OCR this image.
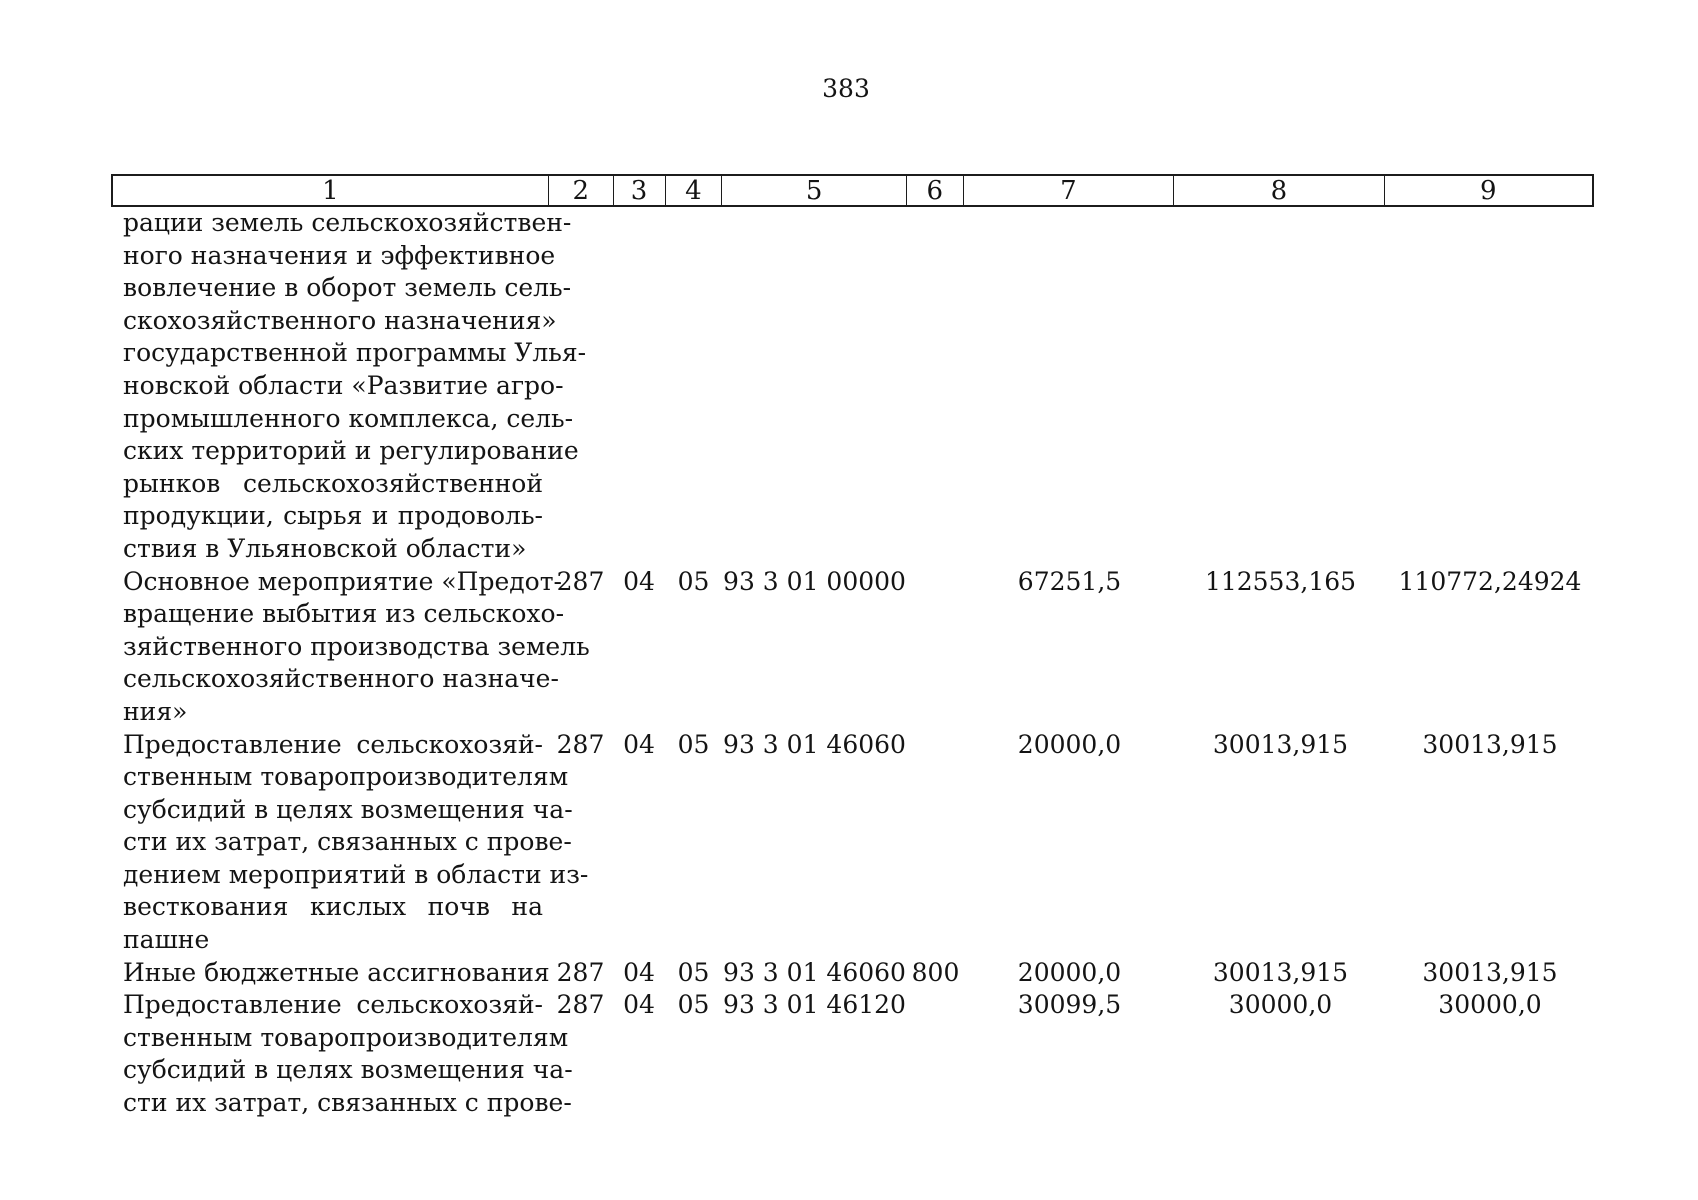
383
1	2	3	4	5	6	7	8	9
рации земель сельскохозяйствен-
ного назначения и эффективное
вовлечение в оборот земель сель-
скохозяйственного назначения»
государственной программы Улья-
новской области «Развитие агро-
промышленного комплекса, сель-
ских территорий и регулирование
рынков сельскохозяйственной
продукции, сырья и продоволь-
ствия в Ульяновской области»
Основное мероприятие «Предот-
вращение выбытия из сельскохо-
зяйственного производства земель
сельскохозяйственного назначе-
ния»
287 04 05 93 3 01 00000	67251,5	112553,165	110772,24924
Предоставление сельскохозяй-
ственным товаропроизводителям
субсидий в целях возмещения ча-
сти их затрат, связанных с прове-
дением мероприятий в области из-
весткования кислых почв на
пашне
287 04 05 93 3 01 46060	20000,0	30013,915	30013,915
Иные бюджетные ассигнования 287 04 05 93 3 01 46060 800	20000,0	30013,915	30013,915
Предоставление сельскохозяй-
ственным товаропроизводителям
субсидий в целях возмещения ча-
сти их затрат, связанных с прове-
287 04 05 93 3 01 46120	30099,5	30000,0	30000,0
